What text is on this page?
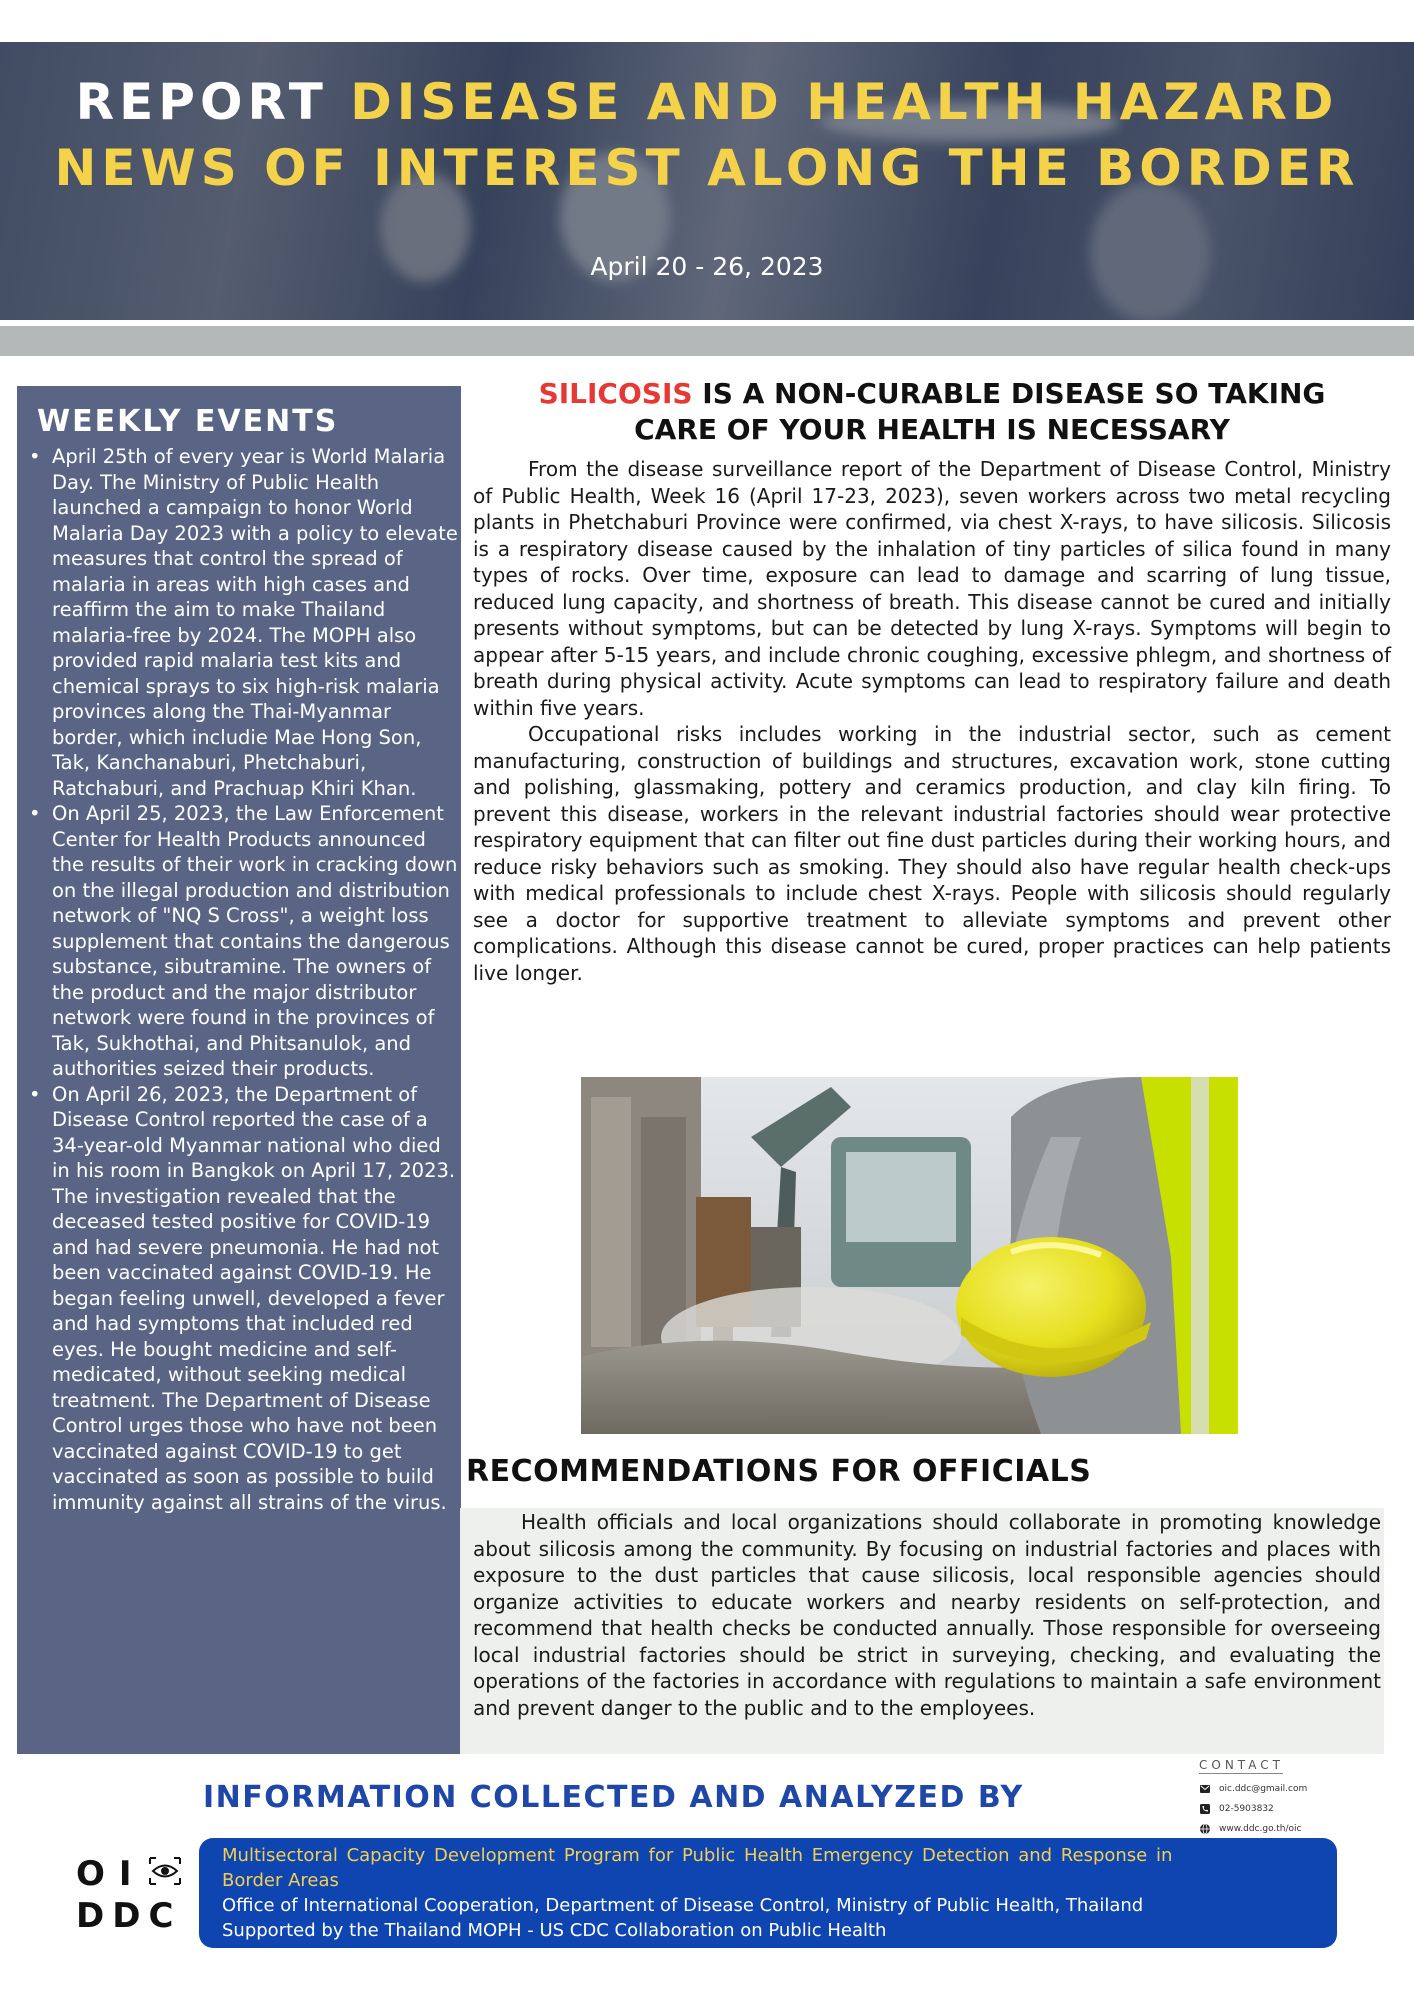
REPORT DISEASE AND HEALTH HAZARD
NEWS OF INTEREST ALONG THE BORDER
April 20 - 26, 2023
WEEKLY EVENTS
• April 25th of every year is World Malaria Day. The Ministry of Public Health launched a campaign to honor World Malaria Day 2023 with a policy to elevate measures that control the spread of malaria in areas with high cases and reaffirm the aim to make Thailand malaria-free by 2024. The MOPH also provided rapid malaria test kits and chemical sprays to six high-risk malaria provinces along the Thai-Myanmar border, which includie Mae Hong Son, Tak, Kanchanaburi, Phetchaburi, Ratchaburi, and Prachuap Khiri Khan.
• On April 25, 2023, the Law Enforcement Center for Health Products announced the results of their work in cracking down on the illegal production and distribution network of "NQ S Cross", a weight loss supplement that contains the dangerous substance, sibutramine. The owners of the product and the major distributor network were found in the provinces of Tak, Sukhothai, and Phitsanulok, and authorities seized their products.
• On April 26, 2023, the Department of Disease Control reported the case of a 34-year-old Myanmar national who died in his room in Bangkok on April 17, 2023. The investigation revealed that the deceased tested positive for COVID-19 and had severe pneumonia. He had not been vaccinated against COVID-19. He began feeling unwell, developed a fever and had symptoms that included red eyes. He bought medicine and self-medicated, without seeking medical treatment. The Department of Disease Control urges those who have not been vaccinated against COVID-19 to get vaccinated as soon as possible to build immunity against all strains of the virus.
SILICOSIS IS A NON-CURABLE DISEASE SO TAKING
CARE OF YOUR HEALTH IS NECESSARY

From the disease surveillance report of the Department of Disease Control, Ministry of Public Health, Week 16 (April 17-23, 2023), seven workers across two metal recycling plants in Phetchaburi Province were confirmed, via chest X-rays, to have silicosis. Silicosis is a respiratory disease caused by the inhalation of tiny particles of silica found in many types of rocks. Over time, exposure can lead to damage and scarring of lung tissue, reduced lung capacity, and shortness of breath. This disease cannot be cured and initially presents without symptoms, but can be detected by lung X-rays. Symptoms will begin to appear after 5-15 years, and include chronic coughing, excessive phlegm, and shortness of breath during physical activity. Acute symptoms can lead to respiratory failure and death within five years.

Occupational risks includes working in the industrial sector, such as cement manufacturing, construction of buildings and structures, excavation work, stone cutting and polishing, glassmaking, pottery and ceramics production, and clay kiln firing. To prevent this disease, workers in the relevant industrial factories should wear protective respiratory equipment that can filter out fine dust particles during their working hours, and reduce risky behaviors such as smoking. They should also have regular health check-ups with medical professionals to include chest X-rays. People with silicosis should regularly see a doctor for supportive treatment to alleviate symptoms and prevent other complications. Although this disease cannot be cured, proper practices can help patients live longer.

RECOMMENDATIONS FOR OFFICIALS
Health officials and local organizations should collaborate in promoting knowledge about silicosis among the community. By focusing on industrial factories and places with exposure to the dust particles that cause silicosis, local responsible agencies should organize activities to educate workers and nearby residents on self-protection, and recommend that health checks be conducted annually. Those responsible for overseeing local industrial factories should be strict in surveying, checking, and evaluating the operations of the factories in accordance with regulations to maintain a safe environment and prevent danger to the public and to the employees.
INFORMATION COLLECTED AND ANALYZED BY
CONTACT
oic.ddc@gmail.com
02-5903832
www.ddc.go.th/oic
OI
DDC
Multisectoral Capacity Development Program for Public Health Emergency Detection and Response in
Border Areas
Office of International Cooperation, Department of Disease Control, Ministry of Public Health, Thailand
Supported by the Thailand MOPH - US CDC Collaboration on Public Health
